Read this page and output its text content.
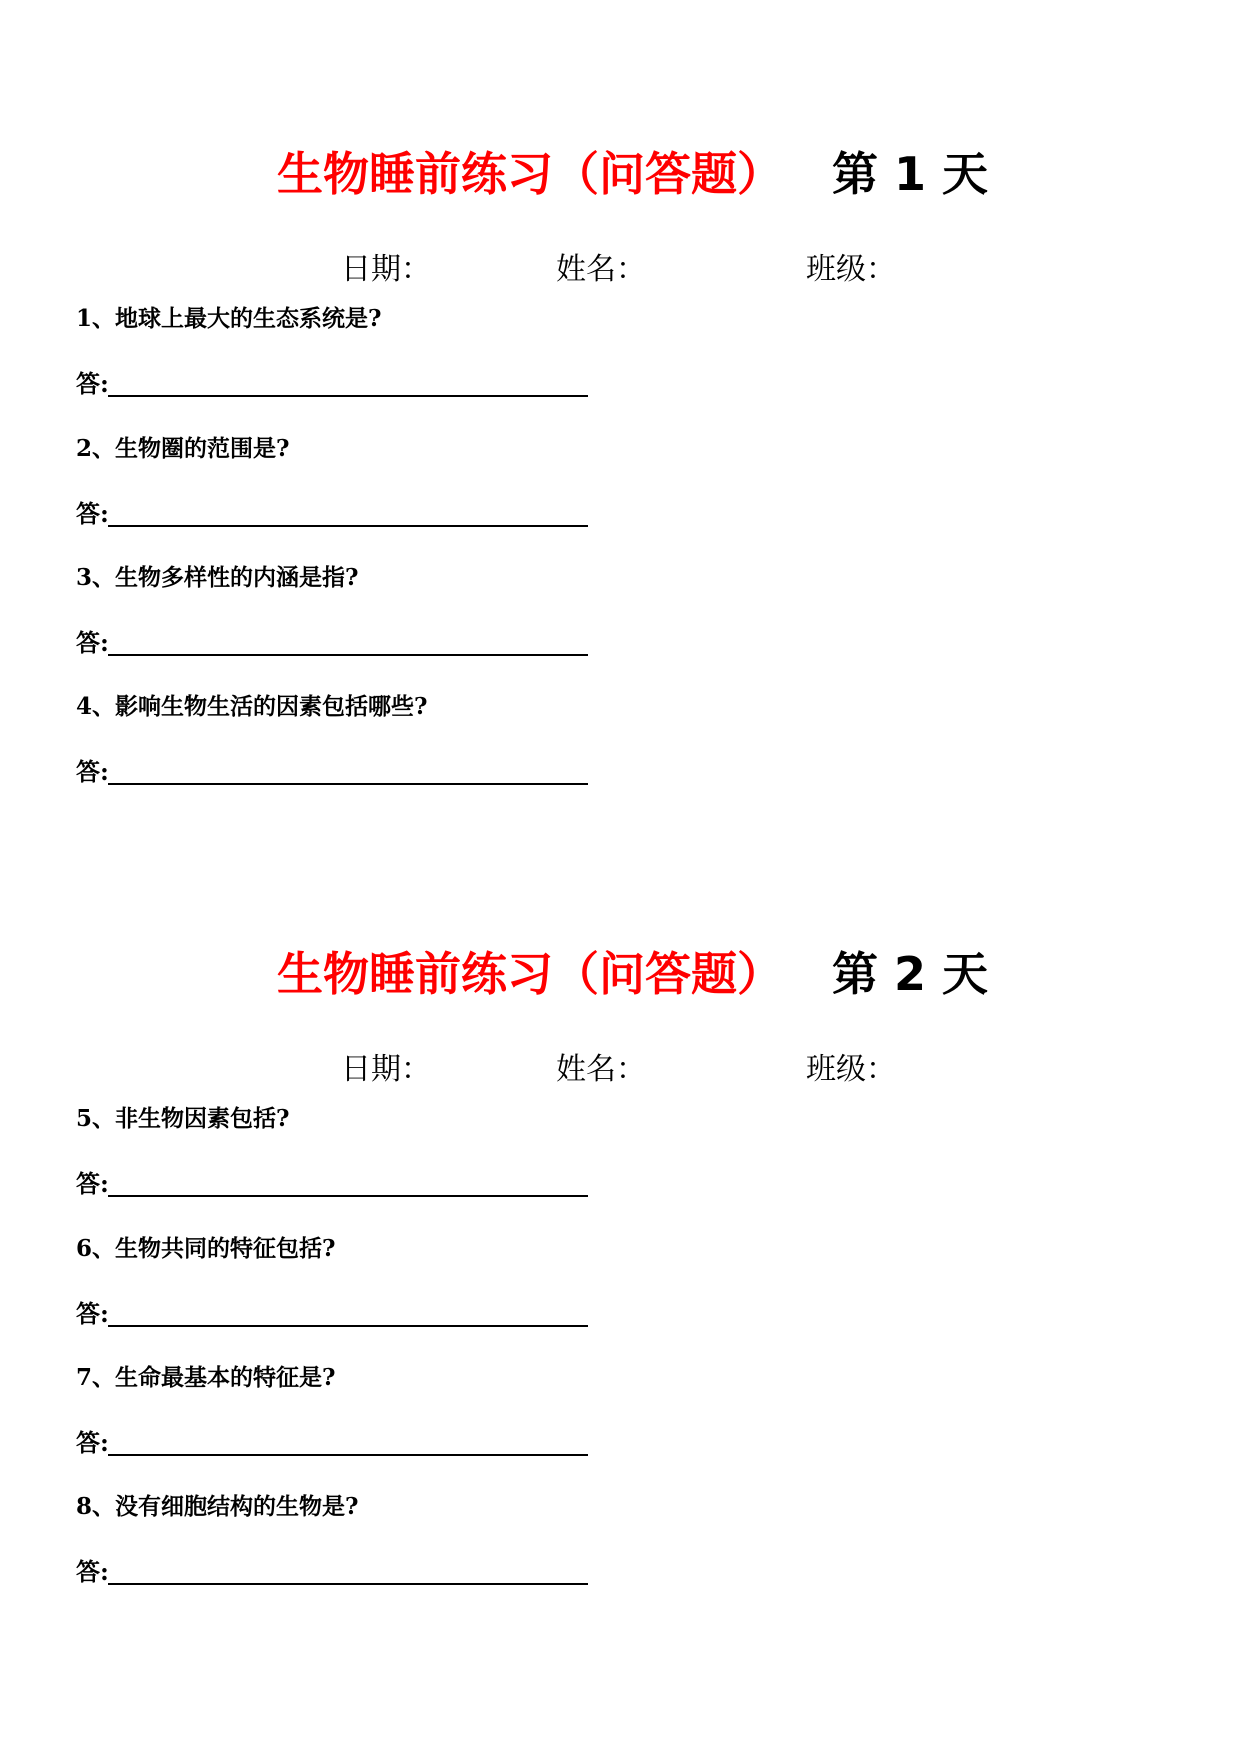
生物睡前练习（问答题） 第 1 天
日期：	姓名：	班级：
1、地球上最大的生态系统是?
答:
2、生物圈的范围是?
答:
3、生物多样性的内涵是指?
答:
4、影响生物生活的因素包括哪些?
答:
生物睡前练习（问答题） 第 2 天
日期：	姓名：	班级：
5、非生物因素包括?
答:
6、生物共同的特征包括?
答:
7、生命最基本的特征是?
答:
8、没有细胞结构的生物是?
答:
